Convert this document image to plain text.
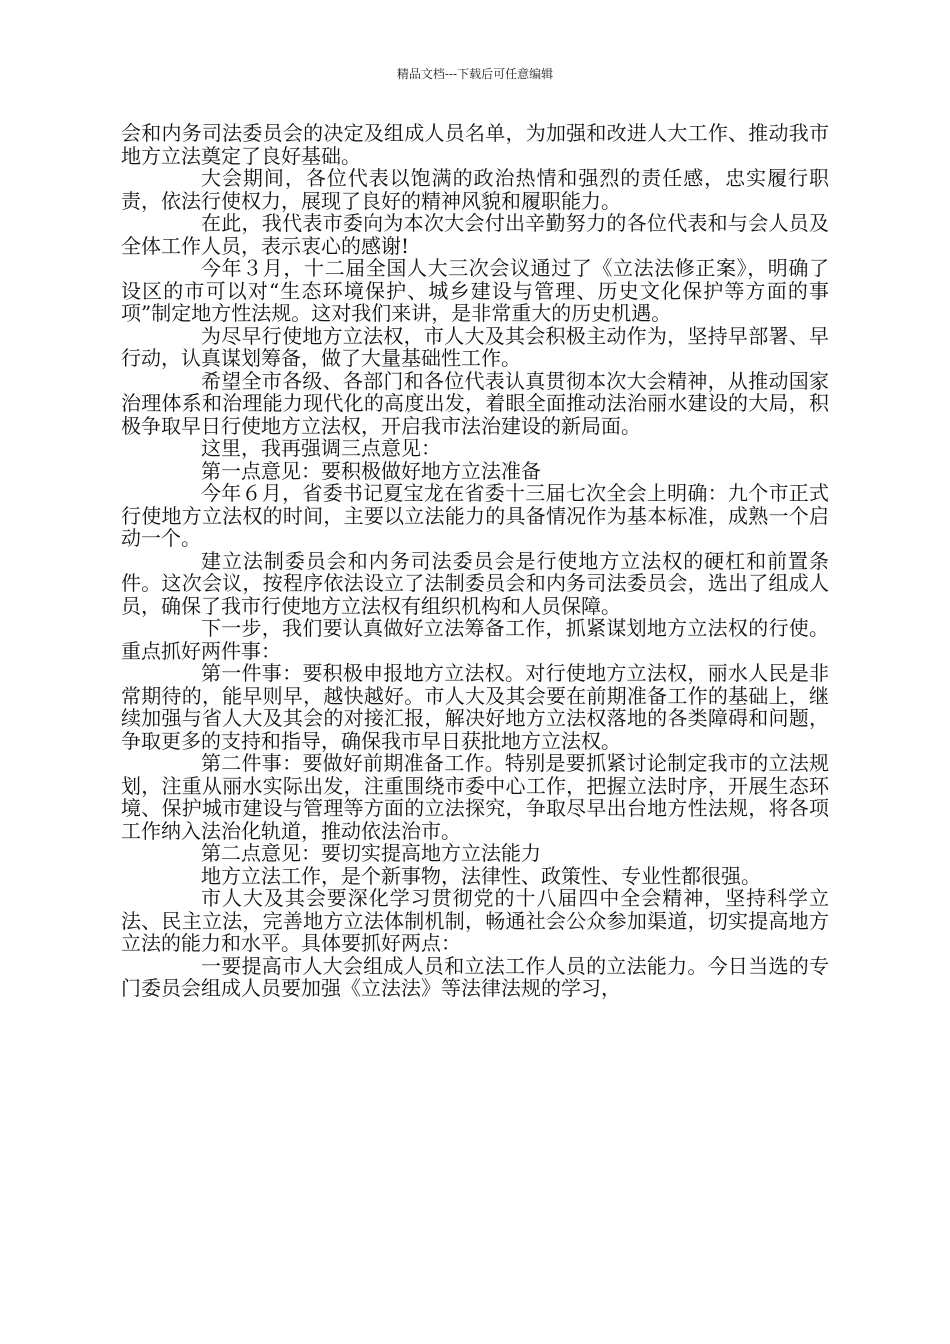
精品文档---下载后可任意编辑

会和内务司法委员会的决定及组成人员名单，为加强和改进人大工作、推动我市地方立法奠定了良好基础。

大会期间，各位代表以饱满的政治热情和强烈的责任感，忠实履行职责，依法行使权力，展现了良好的精神风貌和履职能力。

在此，我代表市委向为本次大会付出辛勤努力的各位代表和与会人员及全体工作人员，表示衷心的感谢!

今年３月，十二届全国人大三次会议通过了《立法法修正案》，明确了设区的市可以对“生态环境保护、城乡建设与管理、历史文化保护等方面的事项”制定地方性法规。这对我们来讲，是非常重大的历史机遇。

为尽早行使地方立法权，市人大及其会积极主动作为，坚持早部署、早行动，认真谋划筹备，做了大量基础性工作。

希望全市各级、各部门和各位代表认真贯彻本次大会精神，从推动国家治理体系和治理能力现代化的高度出发，着眼全面推动法治丽水建设的大局，积极争取早日行使地方立法权，开启我市法治建设的新局面。

这里，我再强调三点意见：

第一点意见：要积极做好地方立法准备

今年６月，省委书记夏宝龙在省委十三届七次全会上明确：九个市正式行使地方立法权的时间，主要以立法能力的具备情况作为基本标准，成熟一个启动一个。

建立法制委员会和内务司法委员会是行使地方立法权的硬杠和前置条件。这次会议，按程序依法设立了法制委员会和内务司法委员会，选出了组成人员，确保了我市行使地方立法权有组织机构和人员保障。

下一步，我们要认真做好立法筹备工作，抓紧谋划地方立法权的行使。重点抓好两件事：

第一件事：要积极申报地方立法权。对行使地方立法权，丽水人民是非常期待的，能早则早，越快越好。市人大及其会要在前期准备工作的基础上，继续加强与省人大及其会的对接汇报，解决好地方立法权落地的各类障碍和问题，争取更多的支持和指导，确保我市早日获批地方立法权。

第二件事：要做好前期准备工作。特别是要抓紧讨论制定我市的立法规划，注重从丽水实际出发，注重围绕市委中心工作，把握立法时序，开展生态环境、保护城市建设与管理等方面的立法探究，争取尽早出台地方性法规，将各项工作纳入法治化轨道，推动依法治市。

第二点意见：要切实提高地方立法能力

地方立法工作，是个新事物，法律性、政策性、专业性都很强。

市人大及其会要深化学习贯彻党的十八届四中全会精神，坚持科学立法、民主立法，完善地方立法体制机制，畅通社会公众参加渠道，切实提高地方立法的能力和水平。具体要抓好两点：

一要提高市人大会组成人员和立法工作人员的立法能力。今日当选的专门委员会组成人员要加强《立法法》等法律法规的学习，
